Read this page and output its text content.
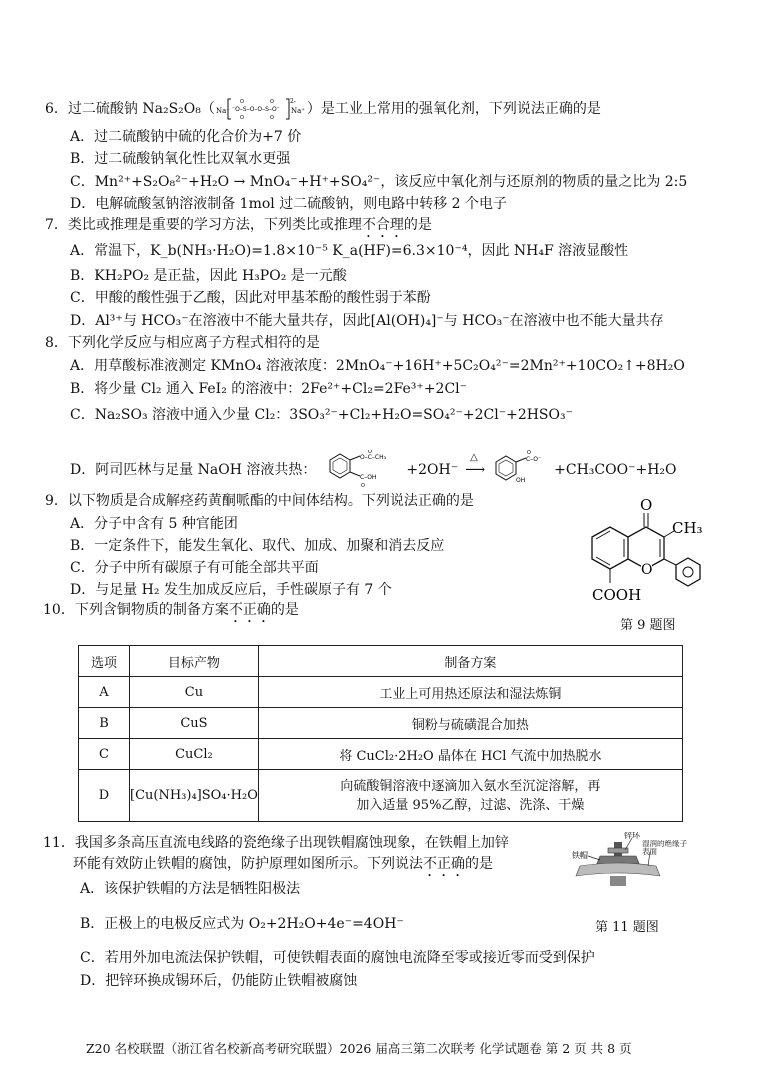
6．过二硫酸钠 Na₂S₂O₈（ Na⁺ ⁻O–S–O–O–S–O⁻
O
O
O
O
2-
Na⁺ ）是工业上常用的强氧化剂，下列说法正确的是
A．过二硫酸钠中硫的化合价为+7 价
B．过二硫酸钠氧化性比双氧水更强
C．Mn²⁺+S₂O₈²⁻+H₂O → MnO₄⁻+H⁺+SO₄²⁻，该反应中氧化剂与还原剂的物质的量之比为 2:5
D．电解硫酸氢钠溶液制备 1mol 过二硫酸钠，则电路中转移 2 个电子
7．类比或推理是重要的学习方法，下列类比或推理不合理的是
A．常温下，K_b(NH₃·H₂O)=1.8×10⁻⁵ K_a(HF)=6.3×10⁻⁴，因此 NH₄F 溶液显酸性
B．KH₂PO₂ 是正盐，因此 H₃PO₂ 是一元酸
C．甲酸的酸性强于乙酸，因此对甲基苯酚的酸性弱于苯酚
D．Al³⁺与 HCO₃⁻在溶液中不能大量共存，因此[Al(OH)₄]⁻与 HCO₃⁻在溶液中也不能大量共存
8．下列化学反应与相应离子方程式相符的是
A．用草酸标准液测定 KMnO₄ 溶液浓度：2MnO₄⁻+16H⁺+5C₂O₄²⁻=2Mn²⁺+10CO₂↑+8H₂O
B．将少量 Cl₂ 通入 FeI₂ 的溶液中：2Fe²⁺+Cl₂=2Fe³⁺+2Cl⁻
C．Na₂SO₃ 溶液中通入少量 Cl₂：3SO₃²⁻+Cl₂+H₂O=SO₄²⁻+2Cl⁻+2HSO₃⁻
D．阿司匹林与足量 NaOH 溶液共热：
O–C–CH₃
O
C–OH
O
+2OH⁻
△
⟶
C–O⁻
O
OH
+CH₃COO⁻+H₂O
9．以下物质是合成解痉药黄酮哌酯的中间体结构。下列说法正确的是
A．分子中含有 5 种官能团
B．一定条件下，能发生氧化、取代、加成、加聚和消去反应
C．分子中所有碳原子有可能全部共平面
D．与足量 H₂ 发生加成反应后，手性碳原子有 7 个
O
CH₃
O
COOH
第 9 题图
10．下列含铜物质的制备方案不正确的是
选项	目标产物	制备方案
A	Cu	工业上可用热还原法和湿法炼铜
B	CuS	铜粉与硫磺混合加热
C	CuCl₂	将 CuCl₂·2H₂O 晶体在 HCl 气流中加热脱水
D	[Cu(NH₃)₄]SO₄·H₂O	向硫酸铜溶液中逐滴加入氨水至沉淀溶解，再
加入适量 95%乙醇，过滤、洗涤、干燥
11．我国多条高压直流电线路的瓷绝缘子出现铁帽腐蚀现象，在铁帽上加锌
环能有效防止铁帽的腐蚀，防护原理如图所示。下列说法不正确的是
A．该保护铁帽的方法是牺牲阳极法
B．正极上的电极反应式为 O₂+2H₂O+4e⁻=4OH⁻
C．若用外加电流法保护铁帽，可使铁帽表面的腐蚀电流降至零或接近零而受到保护
D．把锌环换成锡环后，仍能防止铁帽被腐蚀
锌环
铁帽
湿润的绝缘子表面
第 11 题图
Z20 名校联盟（浙江省名校新高考研究联盟）2026 届高三第二次联考 化学试题卷 第 2 页 共 8 页
